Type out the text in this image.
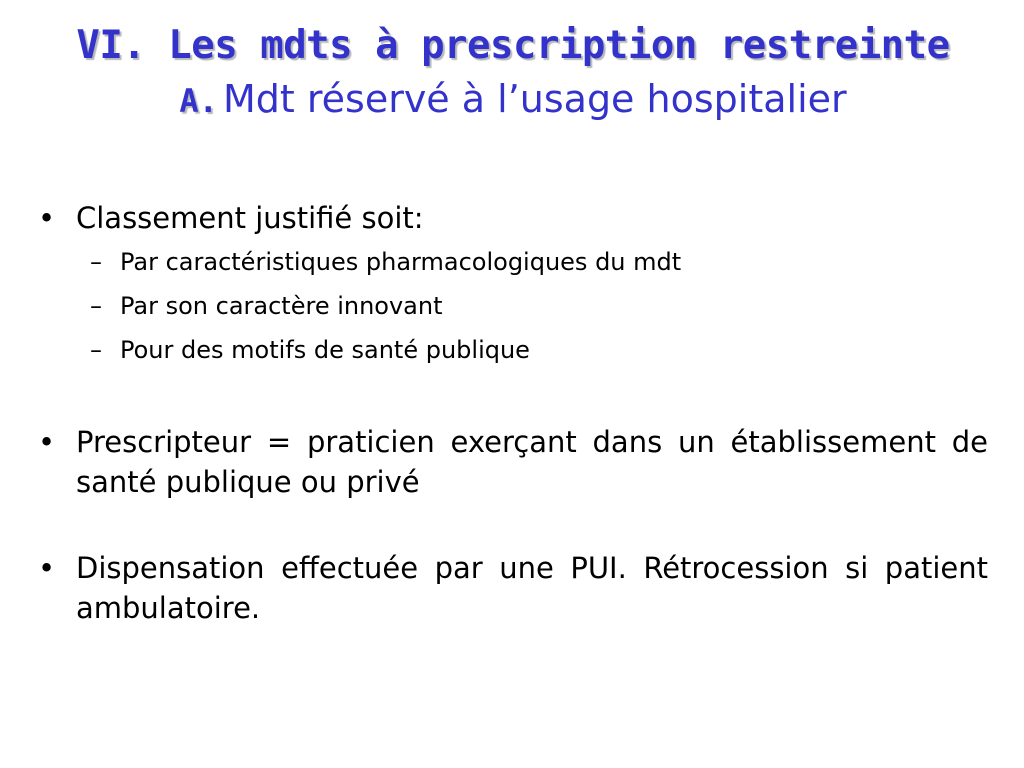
VI. Les mdts à prescription restreinte
A. Mdt réservé à l’usage hospitalier
• Classement justifié soit:
– Par caractéristiques pharmacologiques du mdt
– Par son caractère innovant
– Pour des motifs de santé publique
• Prescripteur = praticien exerçant dans un établissement de santé publique ou privé
• Dispensation effectuée par une PUI. Rétrocession si patient ambulatoire.
